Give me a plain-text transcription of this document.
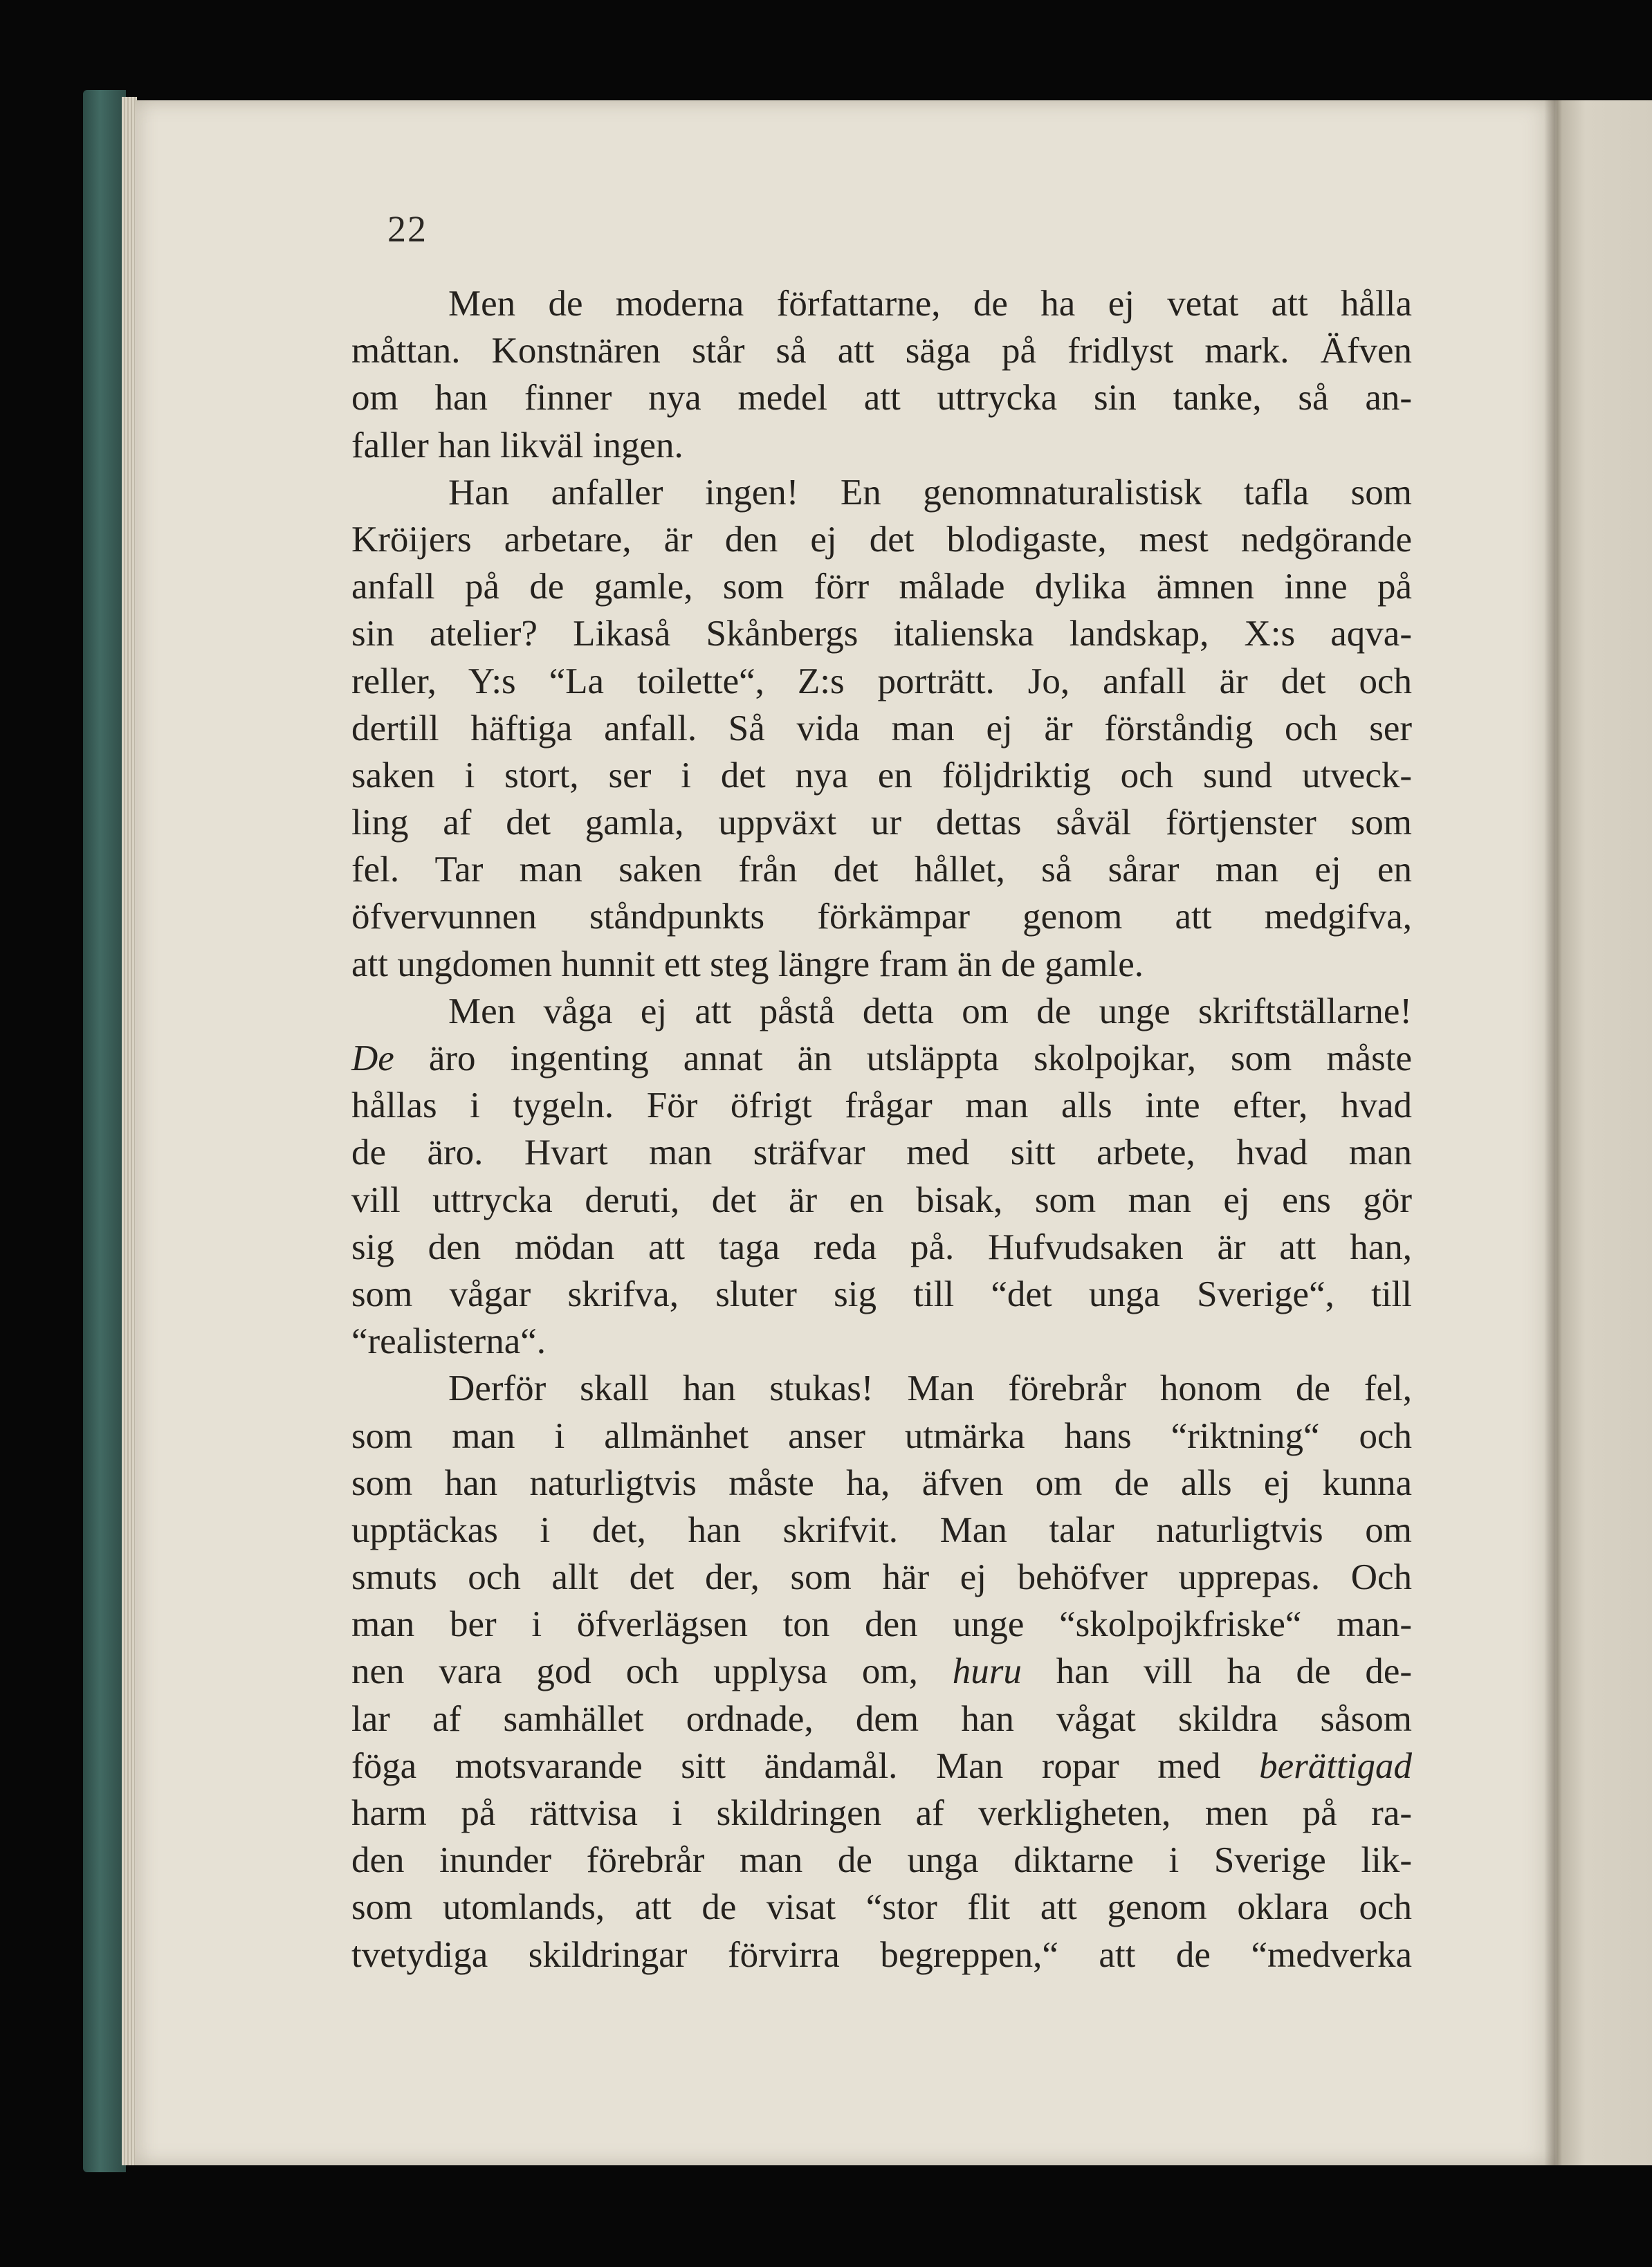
22
Men de moderna författarne, de ha ej vetat att hålla
måttan. Konstnären står så att säga på fridlyst mark. Äfven
om han finner nya medel att uttrycka sin tanke, så an-
faller han likväl ingen.
Han anfaller ingen! En genomnaturalistisk tafla som
Kröijers arbetare, är den ej det blodigaste, mest nedgörande
anfall på de gamle, som förr målade dylika ämnen inne på
sin atelier? Likaså Skånbergs italienska landskap, X:s aqva-
reller, Y:s “La toilette“, Z:s porträtt. Jo, anfall är det och
dertill häftiga anfall. Så vida man ej är förståndig och ser
saken i stort, ser i det nya en följdriktig och sund utveck-
ling af det gamla, uppväxt ur dettas såväl förtjenster som
fel. Tar man saken från det hållet, så sårar man ej en
öfvervunnen ståndpunkts förkämpar genom att medgifva,
att ungdomen hunnit ett steg längre fram än de gamle.
Men våga ej att påstå detta om de unge skriftställarne!
De äro ingenting annat än utsläppta skolpojkar, som måste
hållas i tygeln. För öfrigt frågar man alls inte efter, hvad
de äro. Hvart man sträfvar med sitt arbete, hvad man
vill uttrycka deruti, det är en bisak, som man ej ens gör
sig den mödan att taga reda på. Hufvudsaken är att han,
som vågar skrifva, sluter sig till “det unga Sverige“, till
“realisterna“.
Derför skall han stukas! Man förebrår honom de fel,
som man i allmänhet anser utmärka hans “riktning“ och
som han naturligtvis måste ha, äfven om de alls ej kunna
upptäckas i det, han skrifvit. Man talar naturligtvis om
smuts och allt det der, som här ej behöfver upprepas. Och
man ber i öfverlägsen ton den unge “skolpojkfriske“ man-
nen vara god och upplysa om, huru han vill ha de de-
lar af samhället ordnade, dem han vågat skildra såsom
föga motsvarande sitt ändamål. Man ropar med berättigad
harm på rättvisa i skildringen af verkligheten, men på ra-
den inunder förebrår man de unga diktarne i Sverige lik-
som utomlands, att de visat “stor flit att genom oklara och
tvetydiga skildringar förvirra begreppen,“ att de “medverka
